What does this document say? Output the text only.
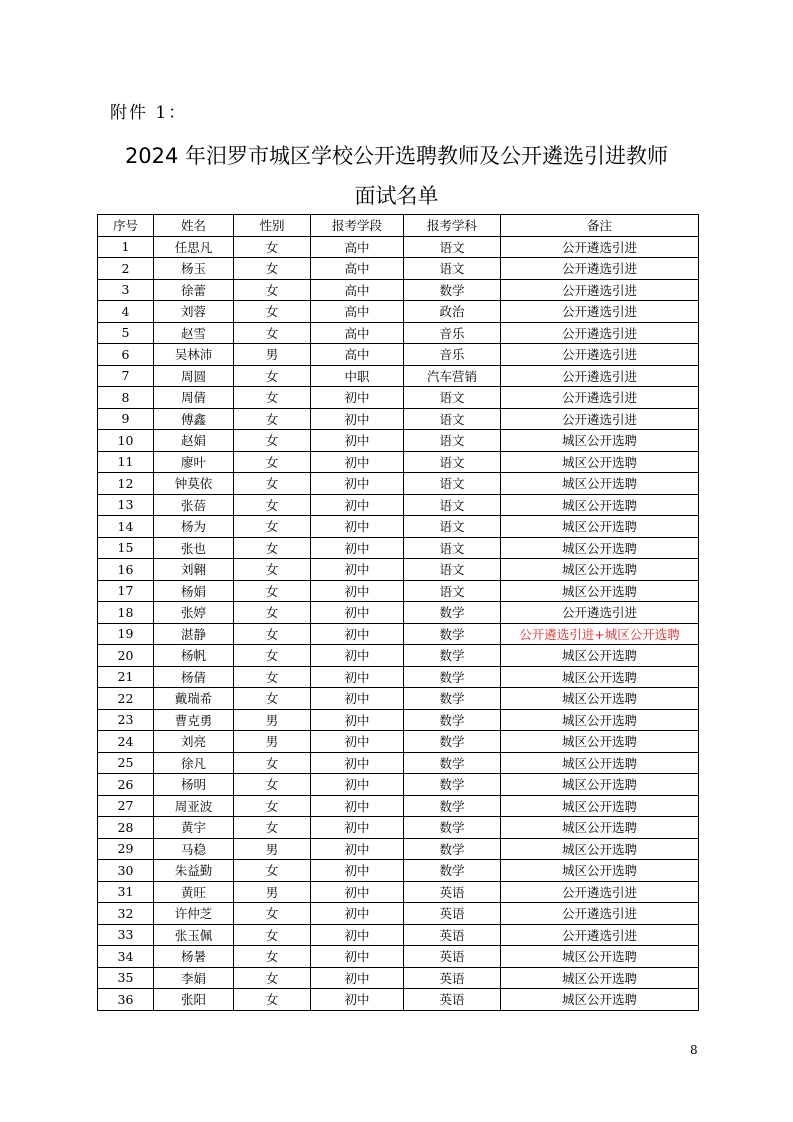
附件 1：
2024 年汨罗市城区学校公开选聘教师及公开遴选引进教师
面试名单
序号	姓名	性别	报考学段	报考学科	备注
1	任思凡	女	高中	语文	公开遴选引进
2	杨玉	女	高中	语文	公开遴选引进
3	徐蕾	女	高中	数学	公开遴选引进
4	刘蓉	女	高中	政治	公开遴选引进
5	赵雪	女	高中	音乐	公开遴选引进
6	吴林沛	男	高中	音乐	公开遴选引进
7	周圆	女	中职	汽车营销	公开遴选引进
8	周倩	女	初中	语文	公开遴选引进
9	傅鑫	女	初中	语文	公开遴选引进
10	赵娟	女	初中	语文	城区公开选聘
11	廖叶	女	初中	语文	城区公开选聘
12	钟莫依	女	初中	语文	城区公开选聘
13	张蓓	女	初中	语文	城区公开选聘
14	杨为	女	初中	语文	城区公开选聘
15	张也	女	初中	语文	城区公开选聘
16	刘翱	女	初中	语文	城区公开选聘
17	杨娟	女	初中	语文	城区公开选聘
18	张婷	女	初中	数学	公开遴选引进
19	湛静	女	初中	数学	公开遴选引进+城区公开选聘
20	杨帆	女	初中	数学	城区公开选聘
21	杨倩	女	初中	数学	城区公开选聘
22	戴瑞希	女	初中	数学	城区公开选聘
23	曹克勇	男	初中	数学	城区公开选聘
24	刘亮	男	初中	数学	城区公开选聘
25	徐凡	女	初中	数学	城区公开选聘
26	杨明	女	初中	数学	城区公开选聘
27	周亚波	女	初中	数学	城区公开选聘
28	黄宇	女	初中	数学	城区公开选聘
29	马稳	男	初中	数学	城区公开选聘
30	朱益勤	女	初中	数学	城区公开选聘
31	黄旺	男	初中	英语	公开遴选引进
32	许仲芝	女	初中	英语	公开遴选引进
33	张玉佩	女	初中	英语	公开遴选引进
34	杨暑	女	初中	英语	城区公开选聘
35	李娟	女	初中	英语	城区公开选聘
36	张阳	女	初中	英语	城区公开选聘
8
